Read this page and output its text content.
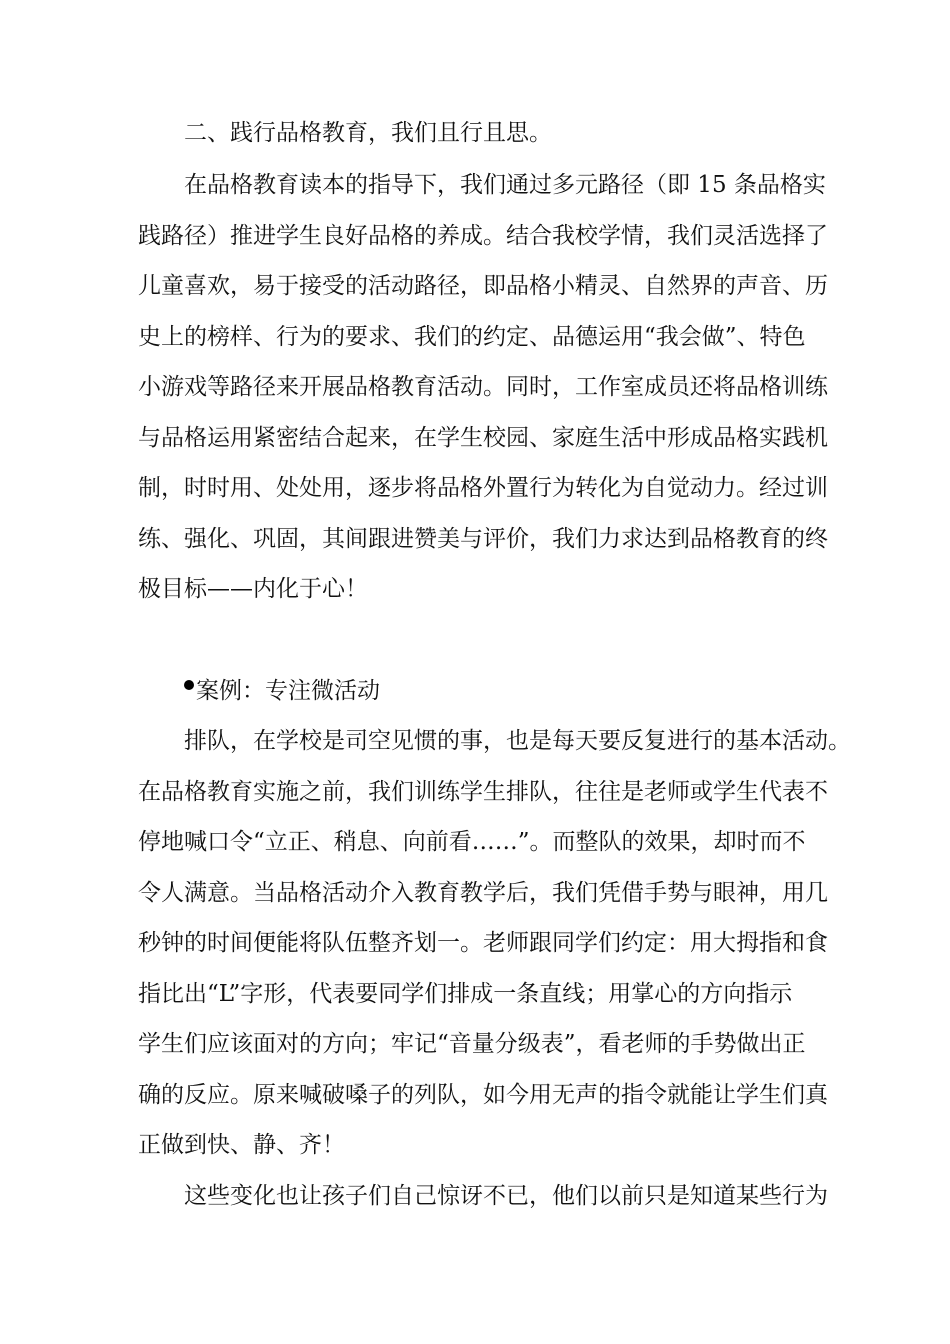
二、践行品格教育，我们且行且思。
在品格教育读本的指导下，我们通过多元路径（即 15 条品格实
践路径）推进学生良好品格的养成。结合我校学情，我们灵活选择了
儿童喜欢，易于接受的活动路径，即品格小精灵、自然界的声音、历
史上的榜样、行为的要求、我们的约定、品德运用“我会做”、特色
小游戏等路径来开展品格教育活动。同时，工作室成员还将品格训练
与品格运用紧密结合起来，在学生校园、家庭生活中形成品格实践机
制，时时用、处处用，逐步将品格外置行为转化为自觉动力。经过训
练、强化、巩固，其间跟进赞美与评价，我们力求达到品格教育的终
极目标——内化于心！
案例：专注微活动
排队，在学校是司空见惯的事，也是每天要反复进行的基本活动。
在品格教育实施之前，我们训练学生排队，往往是老师或学生代表不
停地喊口令“立正、稍息、向前看……”。而整队的效果，却时而不
令人满意。当品格活动介入教育教学后，我们凭借手势与眼神，用几
秒钟的时间便能将队伍整齐划一。老师跟同学们约定：用大拇指和食
指比出“L”字形，代表要同学们排成一条直线；用掌心的方向指示
学生们应该面对的方向；牢记“音量分级表”，看老师的手势做出正
确的反应。原来喊破嗓子的列队，如今用无声的指令就能让学生们真
正做到快、静、齐！
这些变化也让孩子们自己惊讶不已，他们以前只是知道某些行为
